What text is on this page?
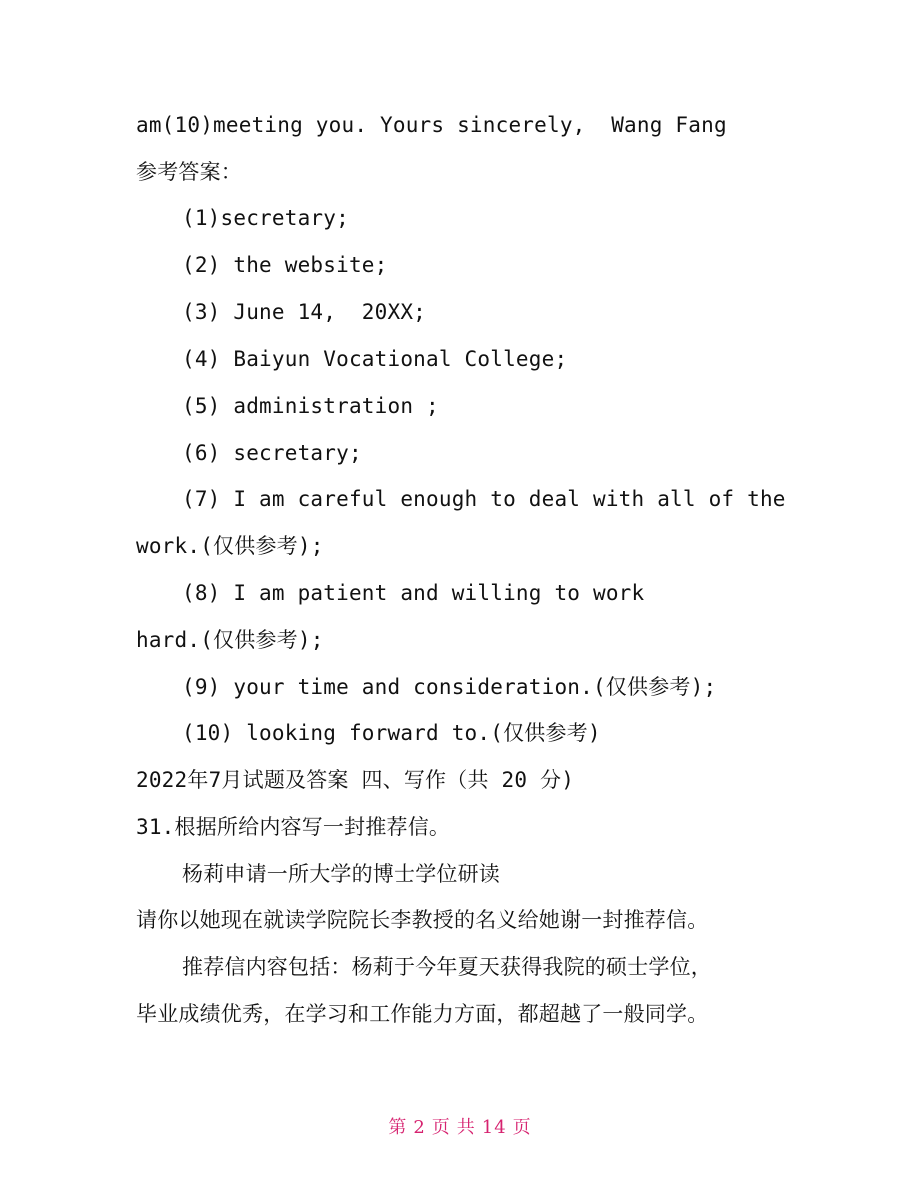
am(10)meeting you. Yours sincerely,  Wang Fang
参考答案：
(1)secretary;
(2) the website;
(3) June 14,  20XX;
(4) Baiyun Vocational College;
(5) administration ;
(6) secretary;
(7) I am careful enough to deal with all of the
work.(仅供参考);
(8) I am patient and willing to work
hard.(仅供参考);
(9) your time and consideration.(仅供参考);
(10) looking forward to.(仅供参考)
2022年7月试题及答案 四、写作（共 20 分)
31.根据所给内容写一封推荐信。
杨莉申请一所大学的博士学位研读
请你以她现在就读学院院长李教授的名义给她谢一封推荐信。
推荐信内容包括：杨莉于今年夏天获得我院的硕士学位，
毕业成绩优秀，在学习和工作能力方面，都超越了一般同学。
第 2 页 共 14 页
